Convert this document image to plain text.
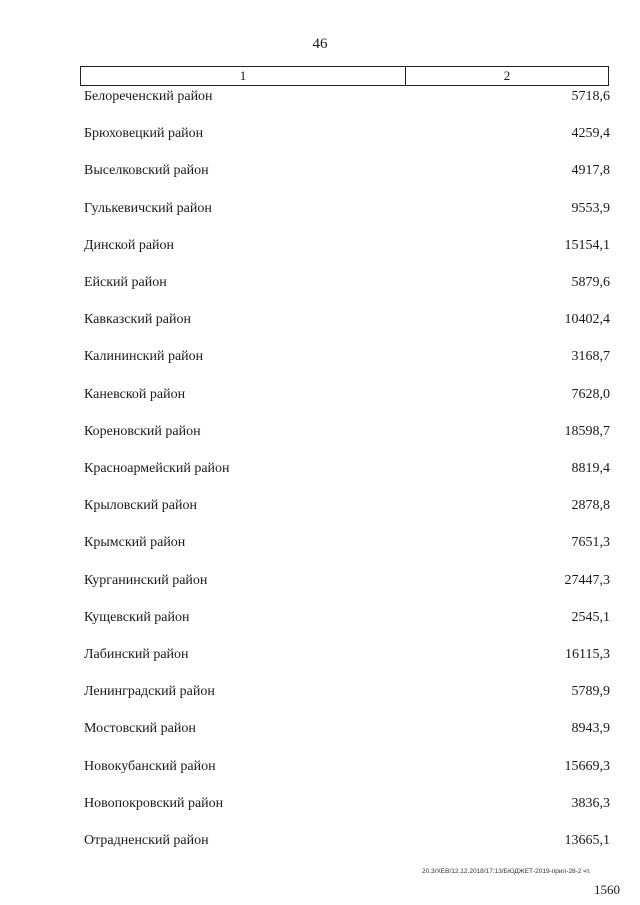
46
1	2
Белореченский район	5718,6
Брюховецкий район	4259,4
Выселковский район	4917,8
Гулькевичский район	9553,9
Динской район	15154,1
Ейский район	5879,6
Кавказский район	10402,4
Калининский район	3168,7
Каневской район	7628,0
Кореновский район	18598,7
Красноармейский район	8819,4
Крыловский район	2878,8
Крымский район	7651,3
Курганинский район	27447,3
Кущевский район	2545,1
Лабинский район	16115,3
Ленинградский район	5789,9
Мостовский район	8943,9
Новокубанский район	15669,3
Новопокровский район	3836,3
Отрадненский район	13665,1
20.3/ХЕВ/12.12.2018/17:13/БЮДЖЕТ-2019-прил-28-2 чт.
1560
